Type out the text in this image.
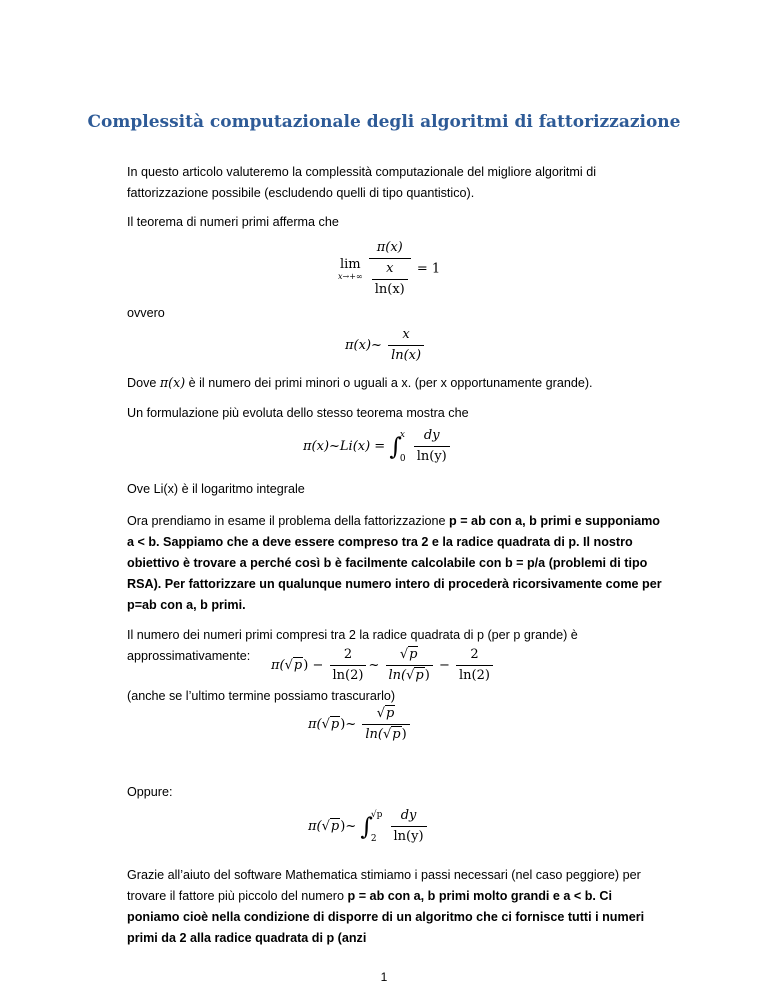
Complessità computazionale degli algoritmi di fattorizzazione
In questo articolo valuteremo la complessità computazionale del migliore algoritmi di fattorizzazione possibile (escludendo quelli di tipo quantistico).
Il teorema di numeri primi afferma che
lim
x→+∞
$\frac{\pi(x)}{\frac{x}{\ln(x)}} = 1$
ovvero
π(x)~ $\frac{x}{\ln(x)}$
Dove π(x) è il numero dei primi minori o uguali a x. (per x opportunamente grande).
Un formulazione più evoluta dello stesso teorema mostra che
π(x)~Li(x) = ∫
x
0
$\frac{dy}{\ln(y)}$
Ove Li(x) è il logaritmo integrale
Ora prendiamo in esame il problema della fattorizzazione p = ab con a, b primi e supponiamo a < b. Sappiamo che a deve essere compreso tra 2 e la radice quadrata di p. Il nostro obiettivo è trovare a perché così b è facilmente calcolabile con b = p/a (problemi di tipo RSA). Per fattorizzare un qualunque numero intero di procederà ricorsivamente come per p=ab con a, b primi.
Il numero dei numeri primi compresi tra 2 la radice quadrata di p (per p grande) è approssimativamente:
$\pi(√p) - \frac{2}{\ln(2)}$ ~ $\frac{√p}{\ln(√p)} - \frac{2}{\ln(2)}$
(anche se l’ultimo termine possiamo trascurarlo)
π(√p)~ $\frac{√p}{\ln(√p)}$
Oppure:
π(√p)~ ∫
√p
2
	$\frac{dy}{\ln(y)}$
Grazie all’aiuto del software Mathematica stimiamo i passi necessari (nel caso peggiore) per trovare il fattore più piccolo del numero p = ab con a, b primi molto grandi e a < b. Ci poniamo cioè nella condizione di disporre di un algoritmo che ci fornisce tutti i numeri primi da 2 alla radice quadrata di p (anzi
1
